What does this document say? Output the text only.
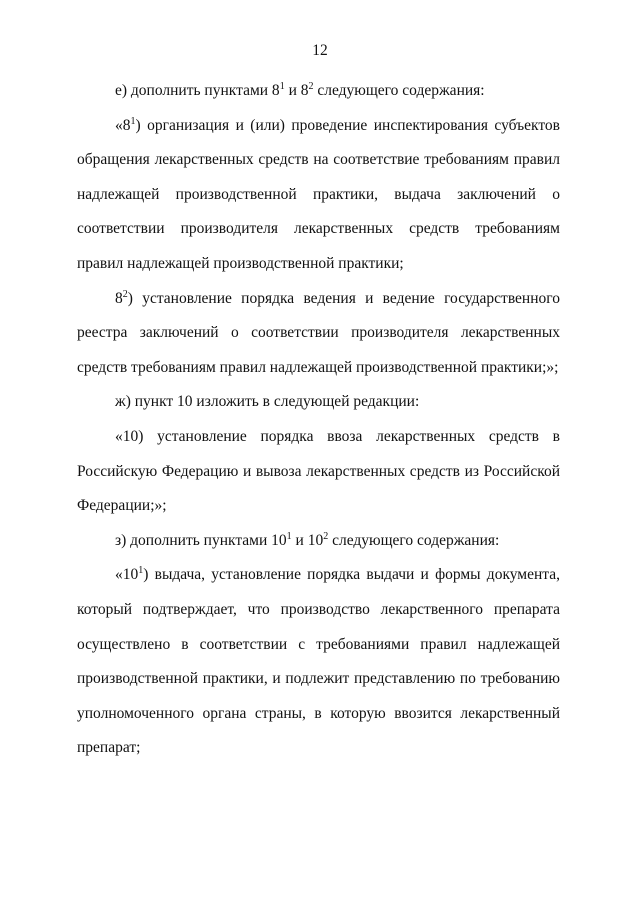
12

е) дополнить пунктами $8^1$ и $8^2$ следующего содержания:

«$8^1$) организация и (или) проведение инспектирования субъектов обращения лекарственных средств на соответствие требованиям правил надлежащей производственной практики, выдача заключений о соответствии производителя лекарственных средств требованиям правил надлежащей производственной практики;

$8^2$) установление порядка ведения и ведение государственного реестра заключений о соответствии производителя лекарственных средств требованиям правил надлежащей производственной практики;»;

ж) пункт 10 изложить в следующей редакции:

«10) установление порядка ввоза лекарственных средств в Российскую Федерацию и вывоза лекарственных средств из Российской Федерации;»;

з) дополнить пунктами $10^1$ и $10^2$ следующего содержания:

«$10^1$) выдача, установление порядка выдачи и формы документа, который подтверждает, что производство лекарственного препарата осуществлено в соответствии с требованиями правил надлежащей производственной практики, и подлежит представлению по требованию уполномоченного органа страны, в которую ввозится лекарственный препарат;
